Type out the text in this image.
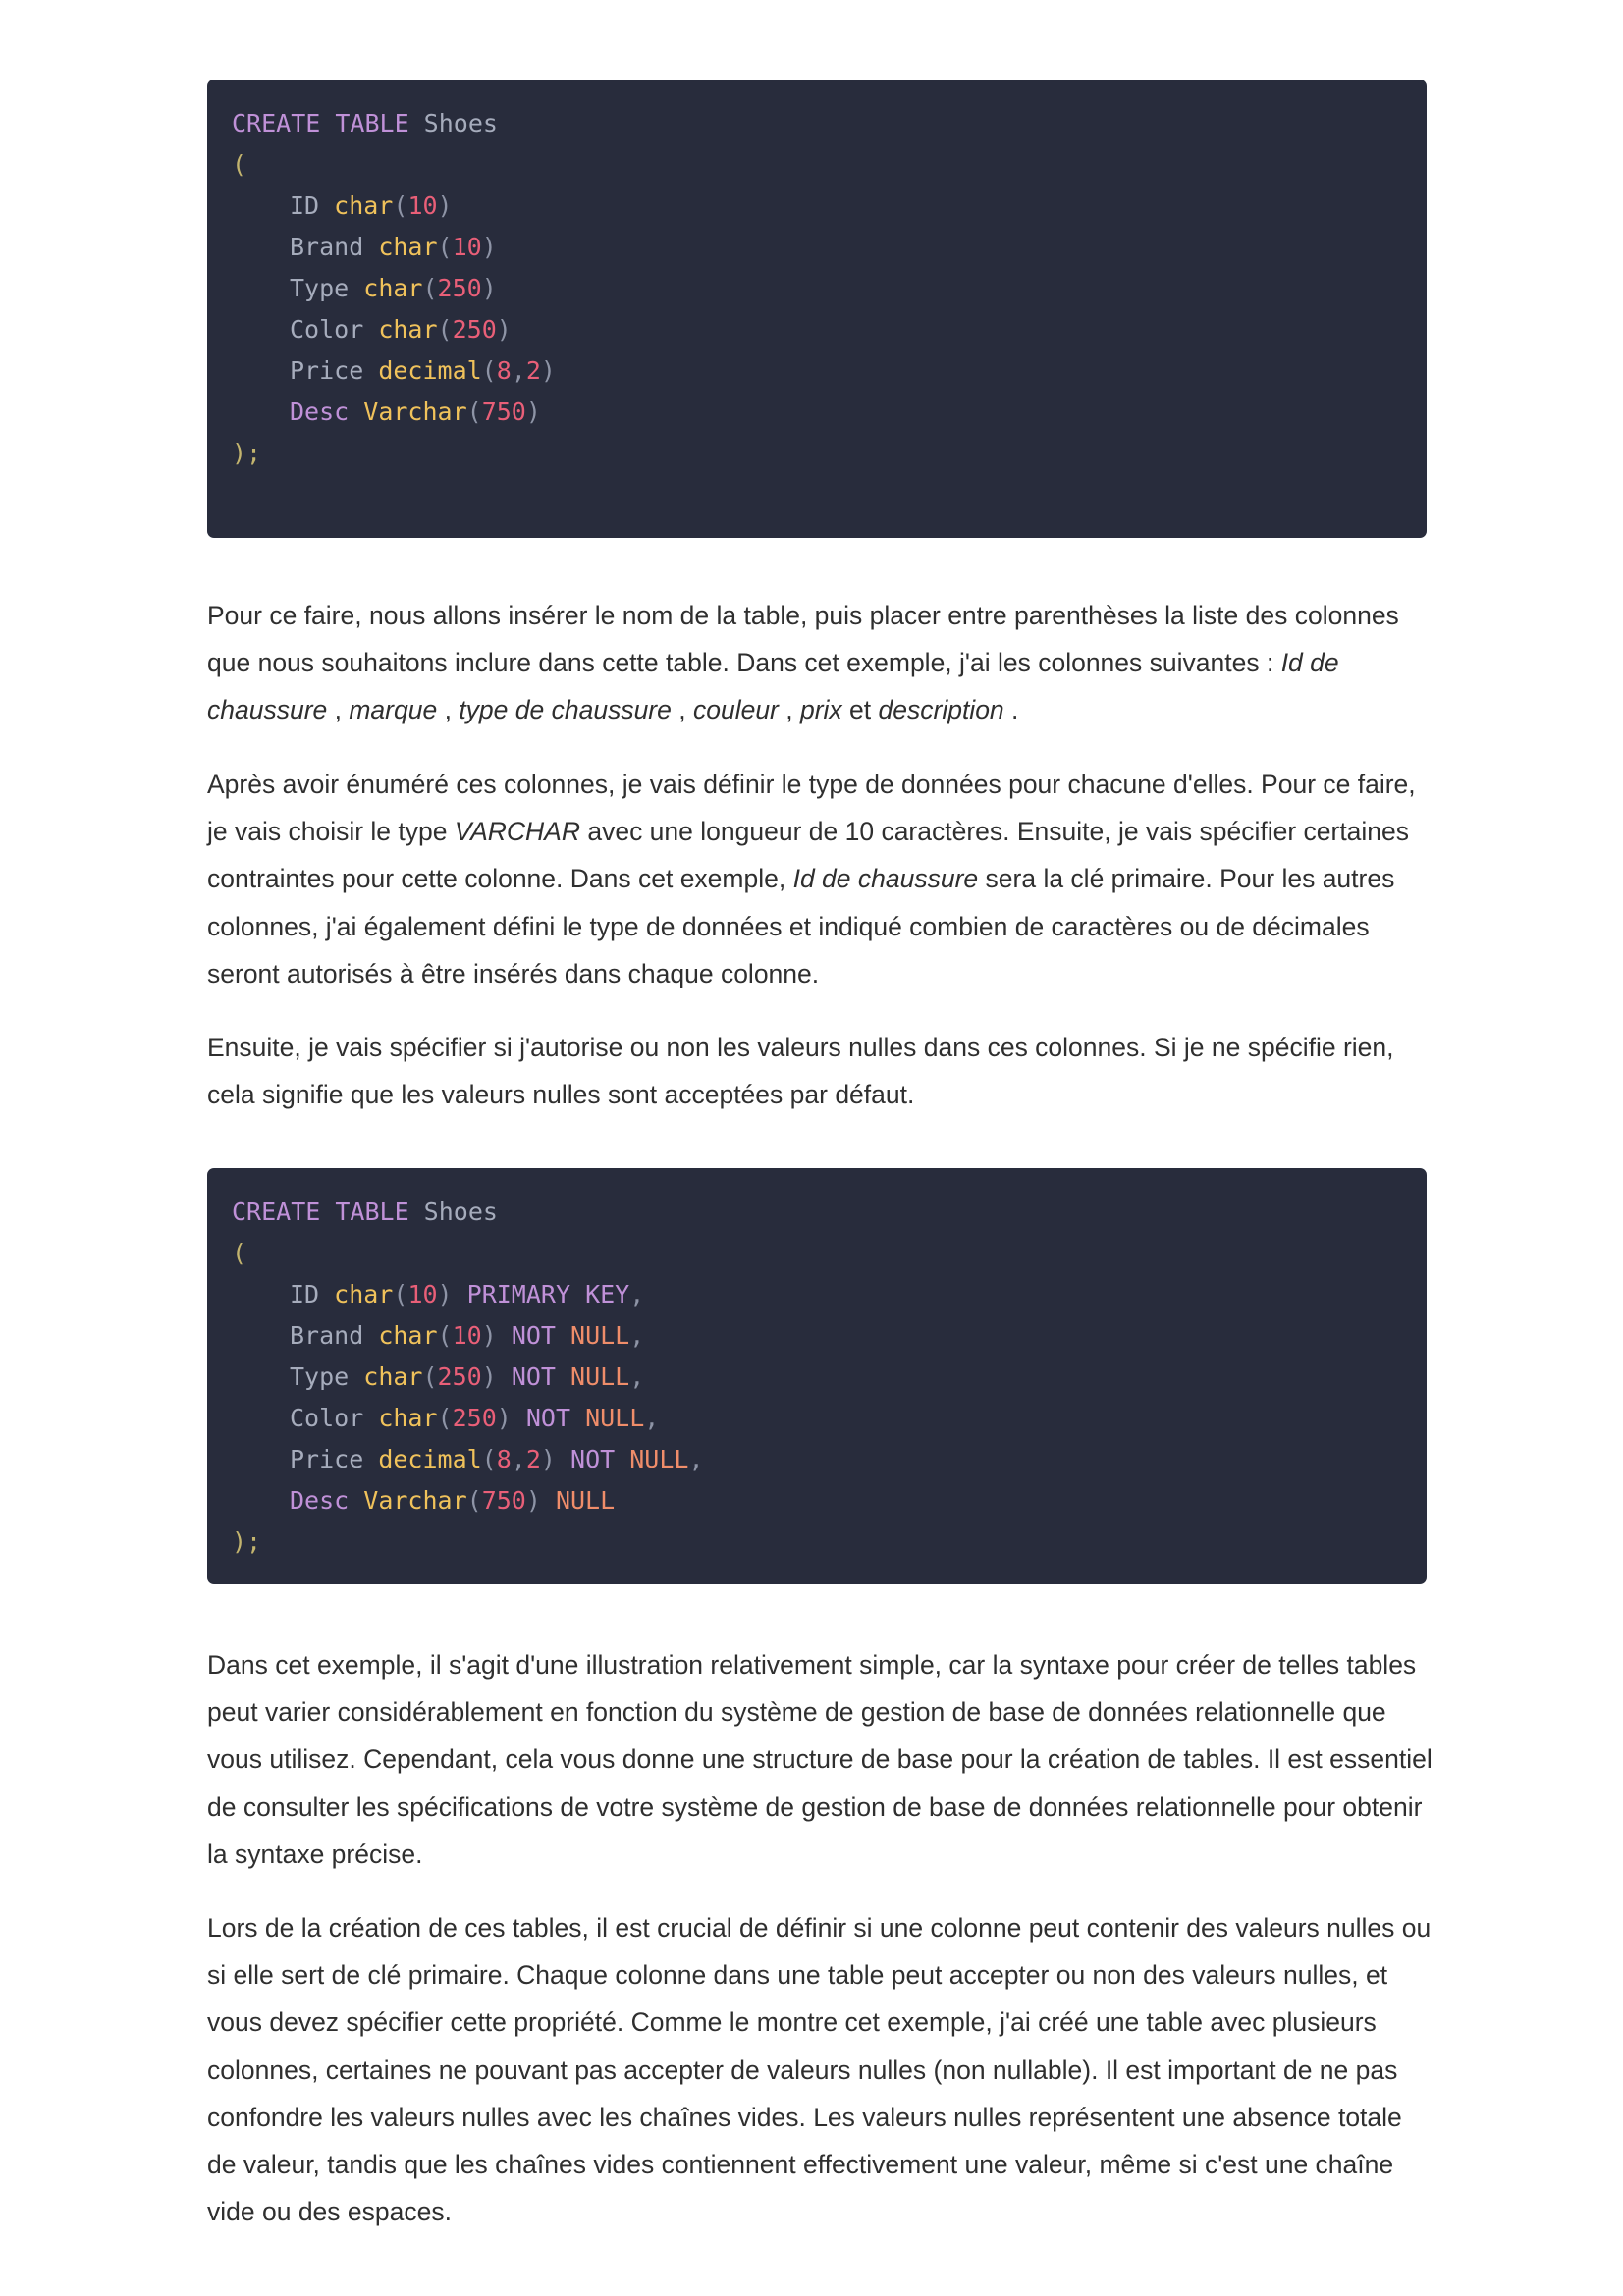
CREATE TABLE Shoes
(
ID char(10)
Brand char(10)
Type char(250)
Color char(250)
Price decimal(8,2)
Desc Varchar(750)
);

Pour ce faire, nous allons insérer le nom de la table, puis placer entre parenthèses la liste des colonnes que nous souhaitons inclure dans cette table. Dans cet exemple, j'ai les colonnes suivantes : Id de chaussure , marque , type de chaussure , couleur , prix et description .

Après avoir énuméré ces colonnes, je vais définir le type de données pour chacune d'elles. Pour ce faire, je vais choisir le type VARCHAR avec une longueur de 10 caractères. Ensuite, je vais spécifier certaines contraintes pour cette colonne. Dans cet exemple, Id de chaussure sera la clé primaire. Pour les autres colonnes, j'ai également défini le type de données et indiqué combien de caractères ou de décimales seront autorisés à être insérés dans chaque colonne.

Ensuite, je vais spécifier si j'autorise ou non les valeurs nulles dans ces colonnes. Si je ne spécifie rien, cela signifie que les valeurs nulles sont acceptées par défaut.

CREATE TABLE Shoes
(
ID char(10) PRIMARY KEY,
Brand char(10) NOT NULL,
Type char(250) NOT NULL,
Color char(250) NOT NULL,
Price decimal(8,2) NOT NULL,
Desc Varchar(750) NULL
);

Dans cet exemple, il s'agit d'une illustration relativement simple, car la syntaxe pour créer de telles tables peut varier considérablement en fonction du système de gestion de base de données relationnelle que vous utilisez. Cependant, cela vous donne une structure de base pour la création de tables. Il est essentiel de consulter les spécifications de votre système de gestion de base de données relationnelle pour obtenir la syntaxe précise.

Lors de la création de ces tables, il est crucial de définir si une colonne peut contenir des valeurs nulles ou si elle sert de clé primaire. Chaque colonne dans une table peut accepter ou non des valeurs nulles, et vous devez spécifier cette propriété. Comme le montre cet exemple, j'ai créé une table avec plusieurs colonnes, certaines ne pouvant pas accepter de valeurs nulles (non nullable). Il est important de ne pas confondre les valeurs nulles avec les chaînes vides. Les valeurs nulles représentent une absence totale de valeur, tandis que les chaînes vides contiennent effectivement une valeur, même si c'est une chaîne vide ou des espaces.
